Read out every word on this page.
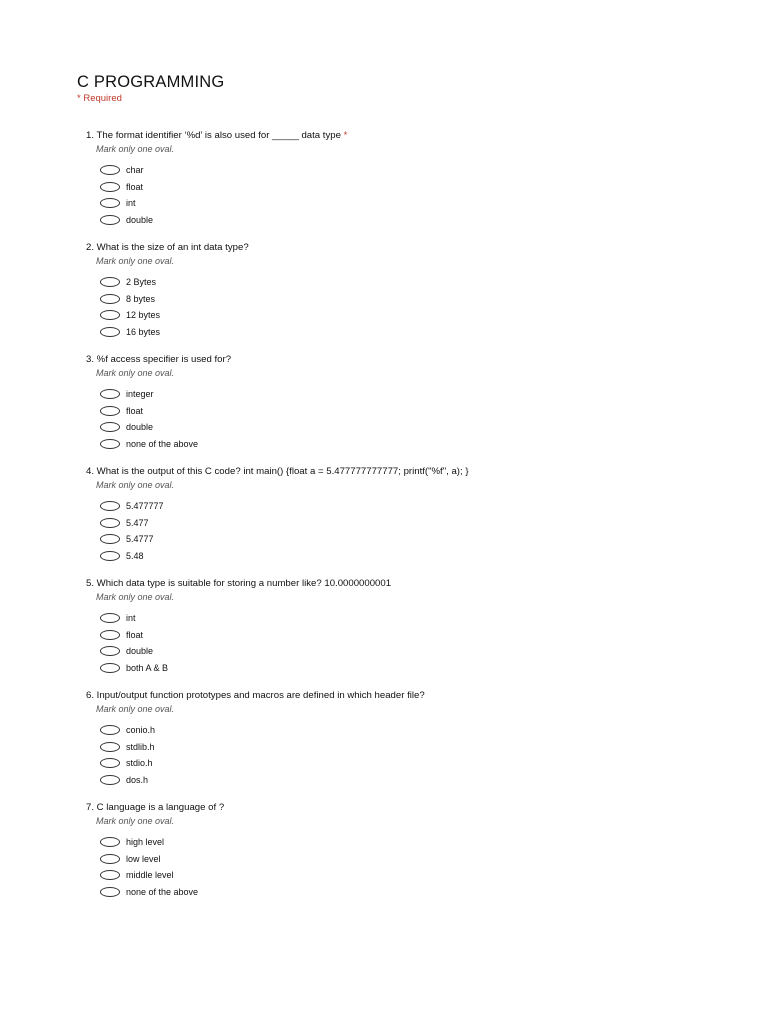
C PROGRAMMING
* Required
1. The format identifier ‘%d’ is also used for _____ data type *
Mark only one oval.
char
float
int
double
2. What is the size of an int data type?
Mark only one oval.
2 Bytes
8 bytes
12 bytes
16 bytes
3. %f access specifier is used for?
Mark only one oval.
integer
float
double
none of the above
4. What is the output of this C code? int main() {float a = 5.477777777777; printf("%f", a); }
Mark only one oval.
5.477777
5.477
5.4777
5.48
5. Which data type is suitable for storing a number like? 10.0000000001
Mark only one oval.
int
float
double
both A & B
6. Input/output function prototypes and macros are defined in which header file?
Mark only one oval.
conio.h
stdlib.h
stdio.h
dos.h
7. C language is a language of ?
Mark only one oval.
high level
low level
middle level
none of the above
